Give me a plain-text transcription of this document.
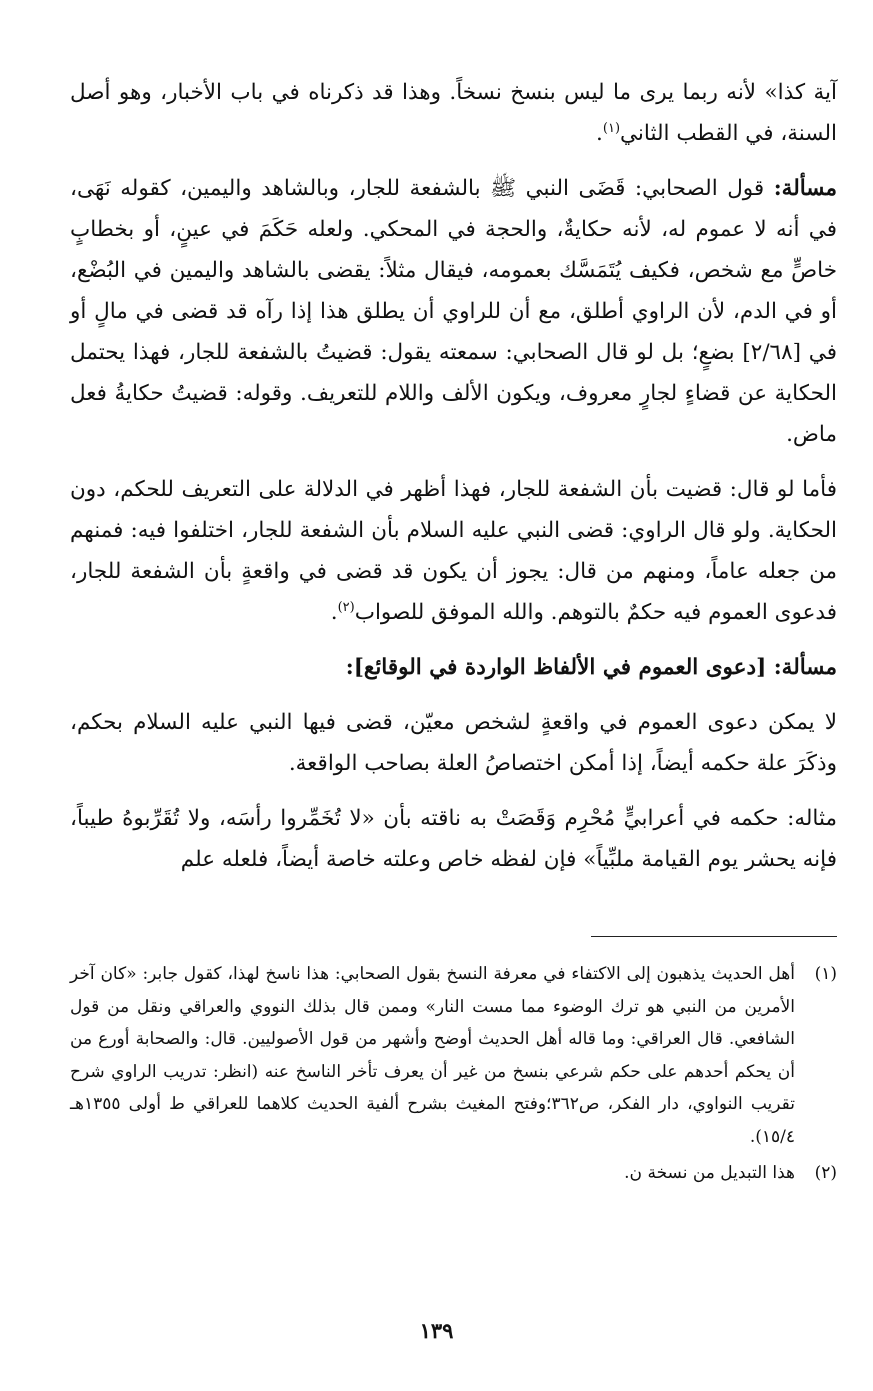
آية كذا» لأنه ربما يرى ما ليس بنسخ نسخاً. وهذا قد ذكرناه في باب الأخبار، وهو أصل السنة، في القطب الثاني$^{(١)}$.

مسألة: قول الصحابي: قَضَى النبي ﷺ بالشفعة للجار، وبالشاهد واليمين، كقوله نَهَى، في أنه لا عموم له، لأنه حكايةٌ، والحجة في المحكي. ولعله حَكَمَ في عينٍ، أو بخطابٍ خاصٍّ مع شخص، فكيف يُتَمَسَّك بعمومه، فيقال مثلاً: يقضى بالشاهد واليمين في البُضْع، أو في الدم، لأن الراوي أطلق، مع أن للراوي أن يطلق هذا إذا رآه قد قضى في مالٍ أو في [٢/٦٨] بضعٍ؛ بل لو قال الصحابي: سمعته يقول: قضيتُ بالشفعة للجار، فهذا يحتمل الحكاية عن قضاءٍ لجارٍ معروف، ويكون الألف واللام للتعريف. وقوله: قضيتُ حكايةُ فعل ماض.

فأما لو قال: قضيت بأن الشفعة للجار، فهذا أظهر في الدلالة على التعريف للحكم، دون الحكاية. ولو قال الراوي: قضى النبي عليه السلام بأن الشفعة للجار، اختلفوا فيه: فمنهم من جعله عاماً، ومنهم من قال: يجوز أن يكون قد قضى في واقعةٍ بأن الشفعة للجار، فدعوى العموم فيه حكمٌ بالتوهم. والله الموفق للصواب$^{(٢)}$.

مسألة: [دعوى العموم في الألفاظ الواردة في الوقائع]:

لا يمكن دعوى العموم في واقعةٍ لشخص معيّن، قضى فيها النبي عليه السلام بحكم، وذكَرَ علة حكمه أيضاً، إذا أمكن اختصاصُ العلة بصاحب الواقعة.

مثاله: حكمه في أعرابيٍّ مُحْرِم وَقَصَتْ به ناقته بأن «لا تُخَمِّروا رأسَه، ولا تُقَرِّبوهُ طيباً، فإنه يحشر يوم القيامة ملبِّياً» فإن لفظه خاص وعلته خاصة أيضاً، فلعله علم

(١)
أهل الحديث يذهبون إلى الاكتفاء في معرفة النسخ بقول الصحابي: هذا ناسخ لهذا، كقول جابر: «كان آخر الأمرين من النبي هو ترك الوضوء مما مست النار» وممن قال بذلك النووي والعراقي ونقل من قول الشافعي. قال العراقي: وما قاله أهل الحديث أوضح وأشهر من قول الأصوليين. قال: والصحابة أورع من أن يحكم أحدهم على حكم شرعي بنسخ من غير أن يعرف تأخر الناسخ عنه (انظر: تدريب الراوي شرح تقريب النواوي، دار الفكر، ص٣٦٢؛وفتح المغيث بشرح ألفية الحديث كلاهما للعراقي ط أولى ١٣٥٥هـ ١٥/٤).
(٢)
هذا التبديل من نسخة ن.
١٣٩
